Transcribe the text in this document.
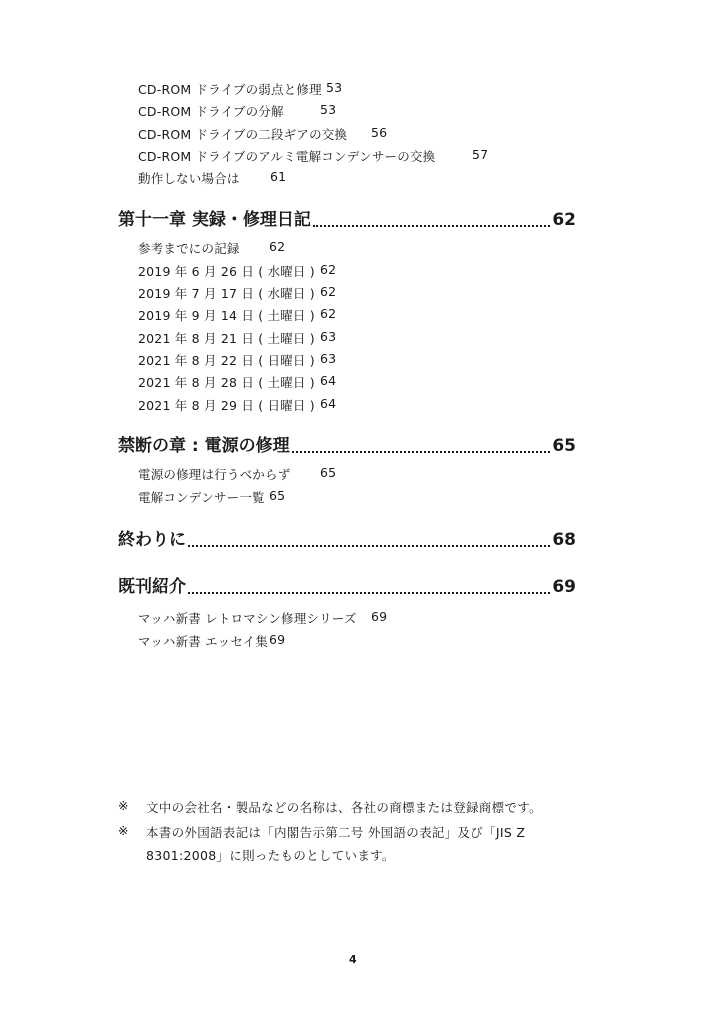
CD-ROM ドライブの弱点と修理 53
CD-ROM ドライブの分解	53
CD-ROM ドライブの二段ギアの交換 56
CD-ROM ドライブのアルミ電解コンデンサーの交換	57
動作しない場合は 61
第十一章 実録・修理日記	62
参考までにの記録 62
2019 年 6 月 26 日 ( 水曜日 ) 62
2019 年 7 月 17 日 ( 水曜日 ) 62
2019 年 9 月 14 日 ( 土曜日 ) 62
2021 年 8 月 21 日 ( 土曜日 ) 63
2021 年 8 月 22 日 ( 日曜日 ) 63
2021 年 8 月 28 日 ( 土曜日 ) 64
2021 年 8 月 29 日 ( 日曜日 ) 64
禁断の章 : 電源の修理	65
電源の修理は行うべからず 65
電解コンデンサー一覧 65
終わりに	68
既刊紹介	69
マッハ新書 レトロマシン修理シリーズ 69
マッハ新書 エッセイ集 69
※ 文中の会社名・製品などの名称は、各社の商標または登録商標です。
※ 本書の外国語表記は「内閣告示第二号 外国語の表記」及び「JIS Z
8301:2008」に則ったものとしています。
4
